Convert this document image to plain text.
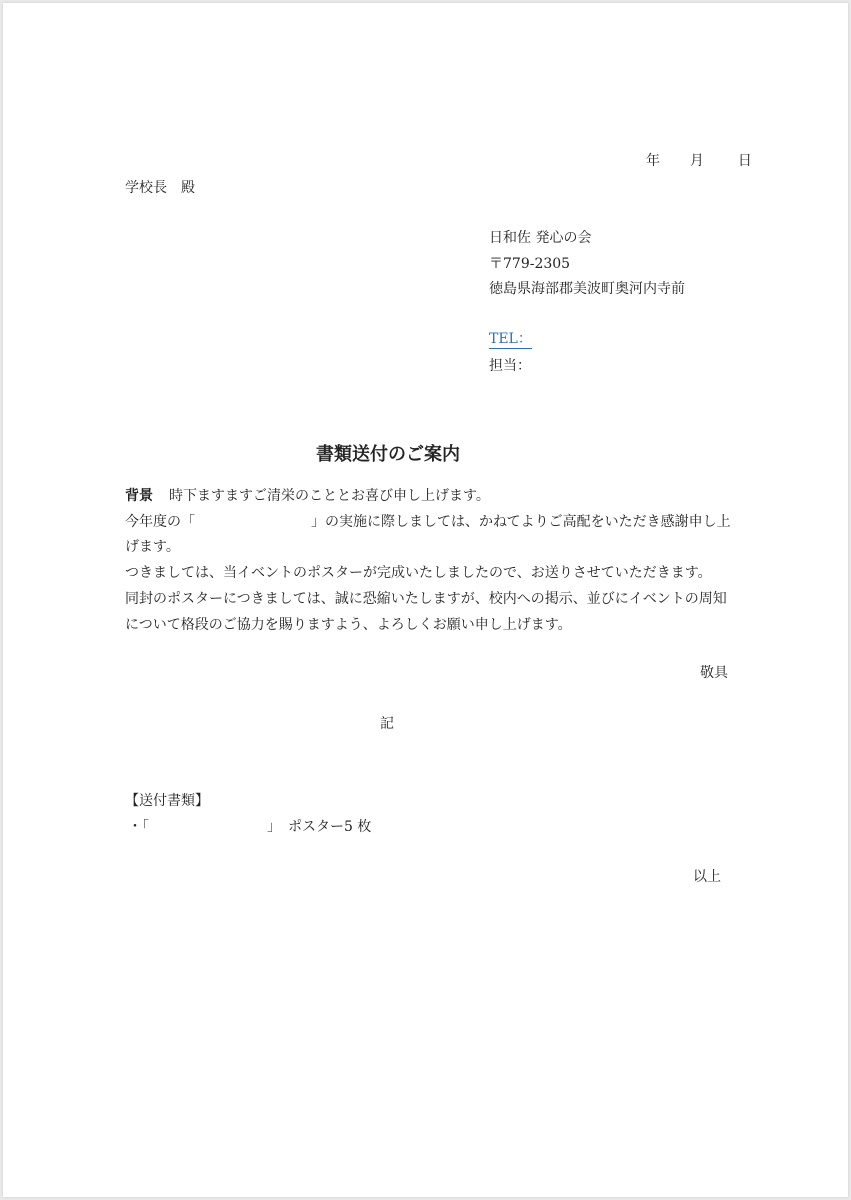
年 月 日
学校長　殿
日和佐 発心の会
〒779-2305
徳島県海部郡美波町奥河内寺前
TEL：
担当：
書類送付のご案内

背景 時下ますますご清栄のこととお喜び申し上げます。

今年度の「	」の実施に際しましては、かねてよりご高配をいただき感謝申し上げます。

つきましては、当イベントのポスターが完成いたしましたので、お送りさせていただきます。

同封のポスターにつきましては、誠に恐縮いたしますが、校内への掲示、並びにイベントの周知について格段のご協力を賜りますよう、よろしくお願い申し上げます。

敬具
記
【送付書類】
・「	」　ポスター5 枚
以上
